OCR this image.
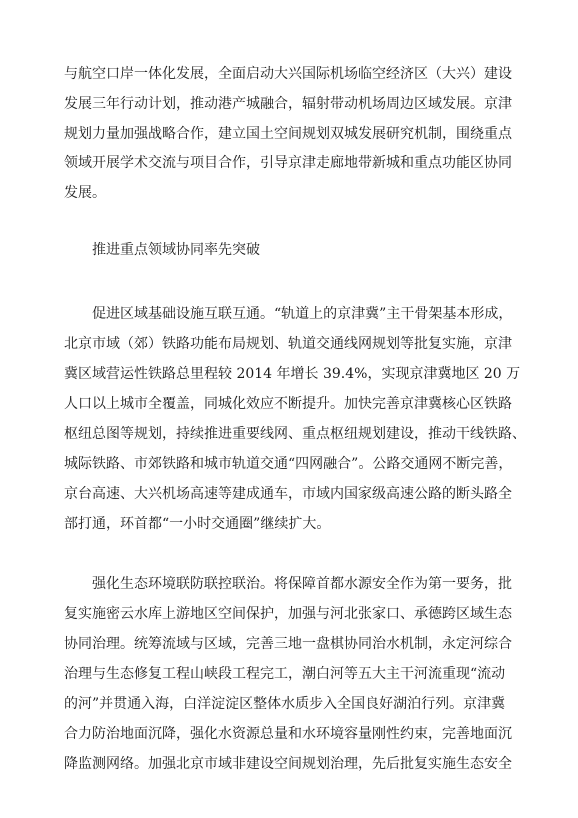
与航空口岸一体化发展，全面启动大兴国际机场临空经济区（大兴）建设
发展三年行动计划，推动港产城融合，辐射带动机场周边区域发展。京津
规划力量加强战略合作，建立国土空间规划双城发展研究机制，围绕重点
领域开展学术交流与项目合作，引导京津走廊地带新城和重点功能区协同
发展。
推进重点领域协同率先突破
促进区域基础设施互联互通。“轨道上的京津冀”主干骨架基本形成，
北京市域（郊）铁路功能布局规划、轨道交通线网规划等批复实施，京津
冀区域营运性铁路总里程较 2014 年增长 39.4%，实现京津冀地区 20 万
人口以上城市全覆盖，同城化效应不断提升。加快完善京津冀核心区铁路
枢纽总图等规划，持续推进重要线网、重点枢纽规划建设，推动干线铁路、
城际铁路、市郊铁路和城市轨道交通“四网融合”。公路交通网不断完善，
京台高速、大兴机场高速等建成通车，市域内国家级高速公路的断头路全
部打通，环首都“一小时交通圈”继续扩大。
强化生态环境联防联控联治。将保障首都水源安全作为第一要务，批
复实施密云水库上游地区空间保护，加强与河北张家口、承德跨区域生态
协同治理。统筹流域与区域，完善三地一盘棋协同治水机制，永定河综合
治理与生态修复工程山峡段工程完工，潮白河等五大主干河流重现“流动
的河”并贯通入海，白洋淀淀区整体水质步入全国良好湖泊行列。京津冀
合力防治地面沉降，强化水资源总量和水环境容量刚性约束，完善地面沉
降监测网络。加强北京市域非建设空间规划治理，先后批复实施生态安全
